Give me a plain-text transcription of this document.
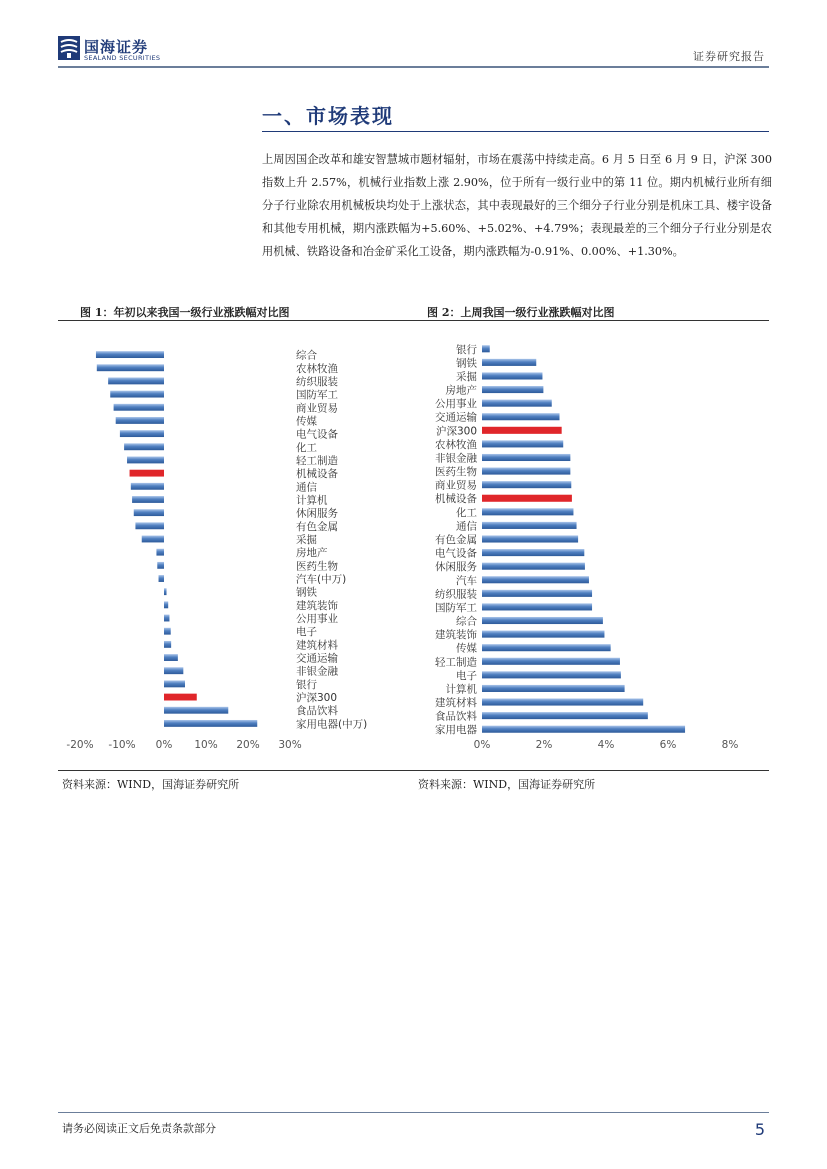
国海证券
SEALAND SECURITIES	证券研究报告
一、市场表现
上周因国企改革和雄安智慧城市题材辐射，市场在震荡中持续走高。6 月 5 日至 6 月 9 日，沪深 300 指数上升 2.57%，机械行业指数上涨 2.90%，位于所有一级行业中的第 11 位。期内机械行业所有细分子行业除农用机械板块均处于上涨状态，其中表现最好的三个细分子行业分别是机床工具、楼宇设备和其他专用机械，期内涨跌幅为+5.60%、+5.02%、+4.79%；表现最差的三个细分子行业分别是农用机械、铁路设备和冶金矿采化工设备，期内涨跌幅为-0.91%、0.00%、+1.30%。
图 1：年初以来我国一级行业涨跌幅对比图	图 2：上周我国一级行业涨跌幅对比图
综合
农林牧渔
纺织服装
国防军工
商业贸易
传媒
电气设备
化工
轻工制造
机械设备
通信
计算机
休闲服务
有色金属
采掘
房地产
医药生物
汽车(中万)
钢铁
建筑装饰
公用事业
电子
建筑材料
交通运输
非银金融
银行
沪深300
食品饮料
家用电器(中万)
-20% -10% 0% 10% 20% 30%
银行
钢铁
采掘
房地产
公用事业
交通运输
沪深300
农林牧渔
非银金融
医药生物
商业贸易
机械设备
化工
通信
有色金属
电气设备
休闲服务
汽车
纺织服装
国防军工
综合
建筑装饰
传媒
轻工制造
电子
计算机
建筑材料
食品饮料
家用电器
0%	2%	4%	6%	8%
资料来源：WIND，国海证券研究所	资料来源：WIND，国海证券研究所
请务必阅读正文后免责条款部分	5
